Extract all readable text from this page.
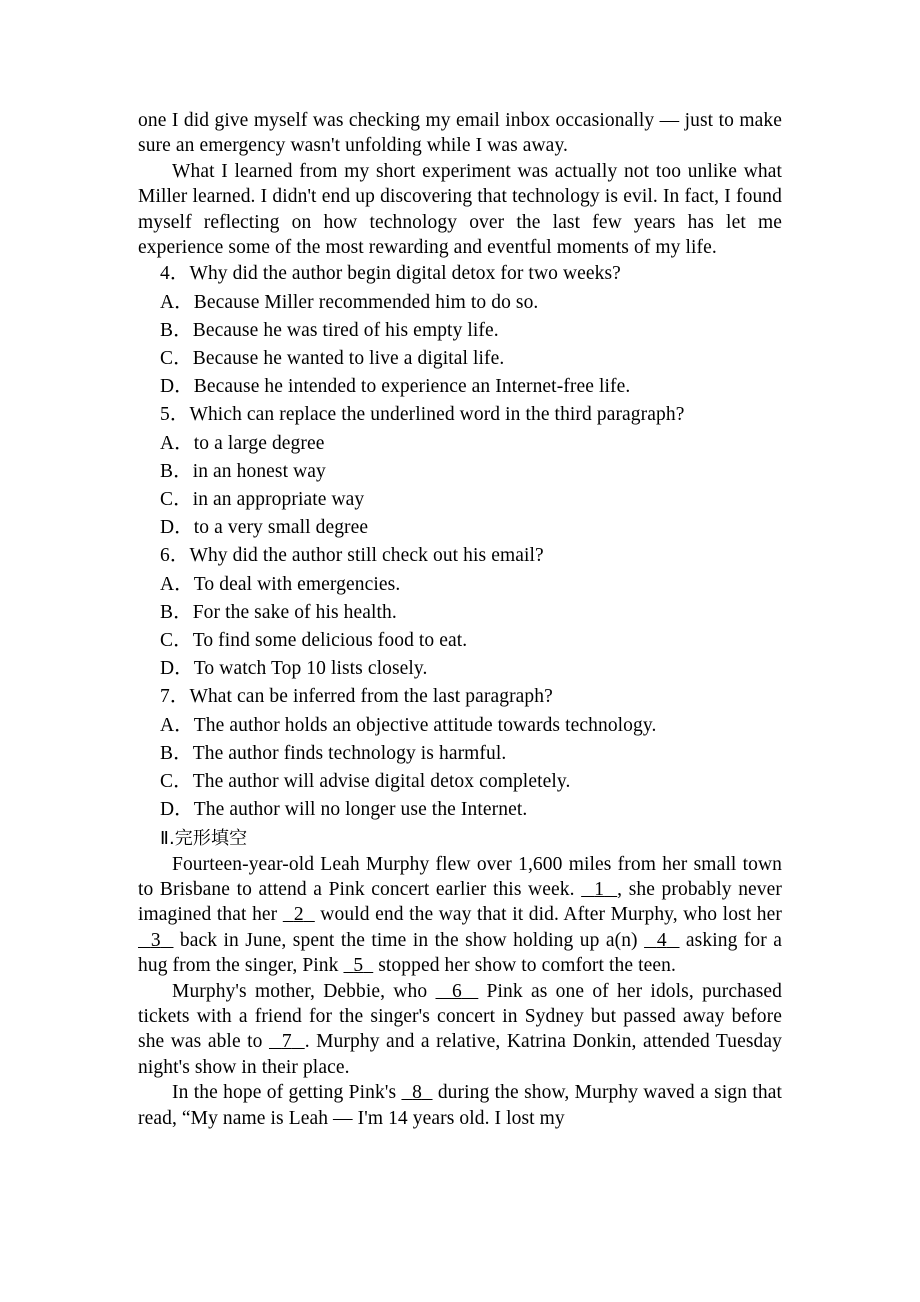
one I did give myself was checking my email inbox occasionally — just to make sure an emergency wasn't unfolding while I was away.

What I learned from my short experiment was actually not too unlike what Miller learned. I didn't end up discovering that technology is evil. In fact, I found myself reflecting on how technology over the last few years has let me experience some of the most rewarding and eventful moments of my life.

4．Why did the author begin digital detox for two weeks?

A．Because Miller recommended him to do so.

B．Because he was tired of his empty life.

C．Because he wanted to live a digital life.

D．Because he intended to experience an Internet-free life.

5．Which can replace the underlined word in the third paragraph?

A．to a large degree

B．in an honest way

C．in an appropriate way

D．to a very small degree

6．Why did the author still check out his email?

A．To deal with emergencies.

B．For the sake of his health.

C．To find some delicious food to eat.

D．To watch Top 10 lists closely.

7．What can be inferred from the last paragraph?

A．The author holds an objective attitude towards technology.

B．The author finds technology is harmful.

C．The author will advise digital detox completely.

D．The author will no longer use the Internet.

Ⅱ.完形填空

Fourteen-year-old Leah Murphy flew over 1,600 miles from her small town to Brisbane to attend a Pink concert earlier this week.   1 , she probably never imagined that her   2   would end the way that it did. After Murphy, who lost her   3   back in June, spent the time in the show holding up a(n)   4   asking for a hug from the singer, Pink   5   stopped her show to comfort the teen.

Murphy's mother, Debbie, who   6   Pink as one of her idols, purchased tickets with a friend for the singer's concert in Sydney but passed away before she was able to   7 . Murphy and a relative, Katrina Donkin, attended Tuesday night's show in their place.

In the hope of getting Pink's   8   during the show, Murphy waved a sign that read, “My name is Leah — I'm 14 years old. I lost my
